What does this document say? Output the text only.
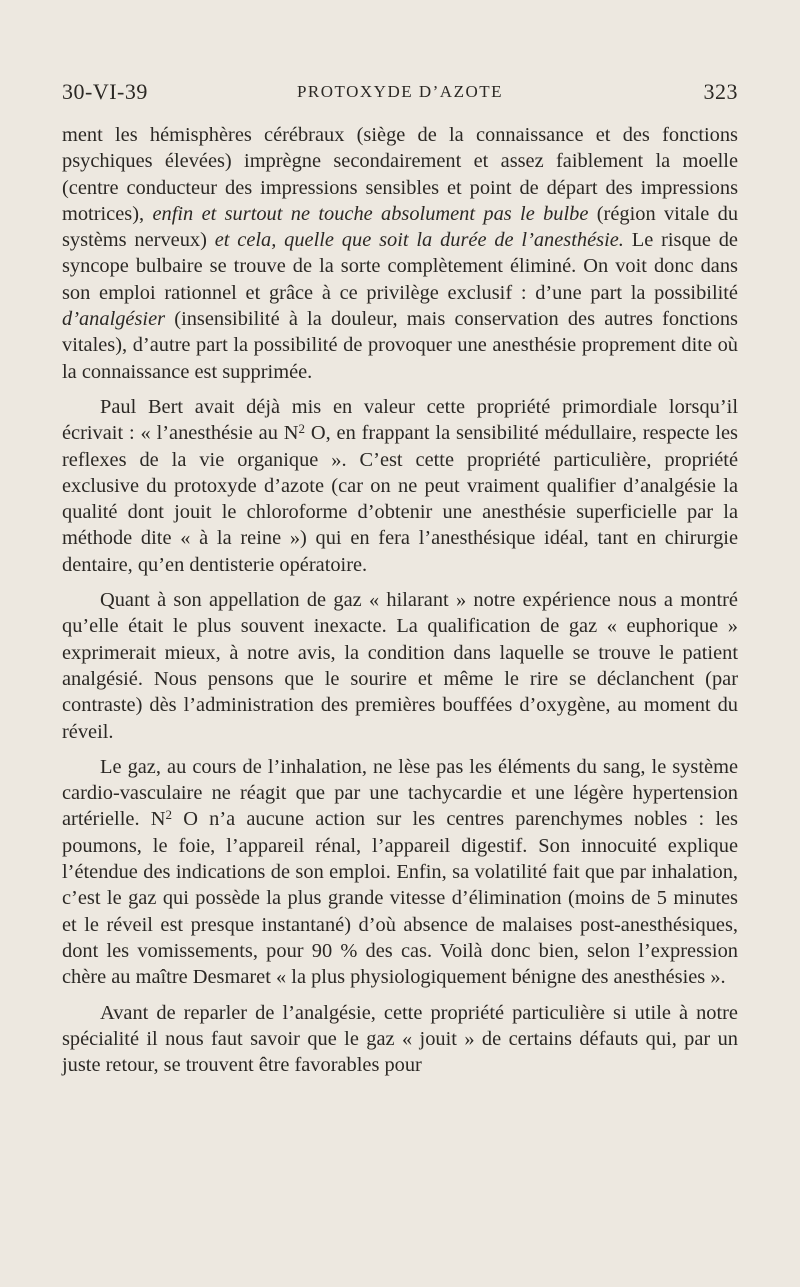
30-VI-39	PROTOXYDE D’AZOTE	323

ment les hémisphères cérébraux (siège de la connaissance et des fonctions psychiques élevées) imprègne secondairement et assez faiblement la moelle (centre conducteur des impressions sensibles et point de départ des impressions motrices), enfin et surtout ne touche absolument pas le bulbe (région vitale du systèms nerveux) et cela, quelle que soit la durée de l’anesthésie. Le risque de syncope bulbaire se trouve de la sorte complètement éliminé. On voit donc dans son emploi rationnel et grâce à ce privilège exclusif : d’une part la possibilité d’analgésier (insensibilité à la douleur, mais conservation des autres fonctions vitales), d’autre part la possibilité de provoquer une anesthésie proprement dite où la connaissance est supprimée.

Paul Bert avait déjà mis en valeur cette propriété primordiale lorsqu’il écrivait : « l’anesthésie au $N^2$ O, en frappant la sensibilité médullaire, respecte les reflexes de la vie organique ». C’est cette propriété particulière, propriété exclusive du protoxyde d’azote (car on ne peut vraiment qualifier d’analgésie la qualité dont jouit le chloroforme d’obtenir une anesthésie superficielle par la méthode dite « à la reine ») qui en fera l’anesthésique idéal, tant en chirurgie dentaire, qu’en dentisterie opératoire.

Quant à son appellation de gaz « hilarant » notre expérience nous a montré qu’elle était le plus souvent inexacte. La qualification de gaz « euphorique » exprimerait mieux, à notre avis, la condition dans laquelle se trouve le patient analgésié. Nous pensons que le sourire et même le rire se déclanchent (par contraste) dès l’administration des premières bouffées d’oxygène, au moment du réveil.

Le gaz, au cours de l’inhalation, ne lèse pas les éléments du sang, le système cardio-vasculaire ne réagit que par une tachycardie et une légère hypertension artérielle. $N^2$ O n’a aucune action sur les centres parenchymes nobles : les poumons, le foie, l’appareil rénal, l’appareil digestif. Son innocuité explique l’étendue des indications de son emploi. Enfin, sa volatilité fait que par inhalation, c’est le gaz qui possède la plus grande vitesse d’élimination (moins de 5 minutes et le réveil est presque instantané) d’où absence de malaises post-anesthésiques, dont les vomissements, pour 90 % des cas. Voilà donc bien, selon l’expression chère au maître Desmaret « la plus physiologiquement bénigne des anesthésies ».

Avant de reparler de l’analgésie, cette propriété particulière si utile à notre spécialité il nous faut savoir que le gaz « jouit » de certains défauts qui, par un juste retour, se trouvent être favorables pour
